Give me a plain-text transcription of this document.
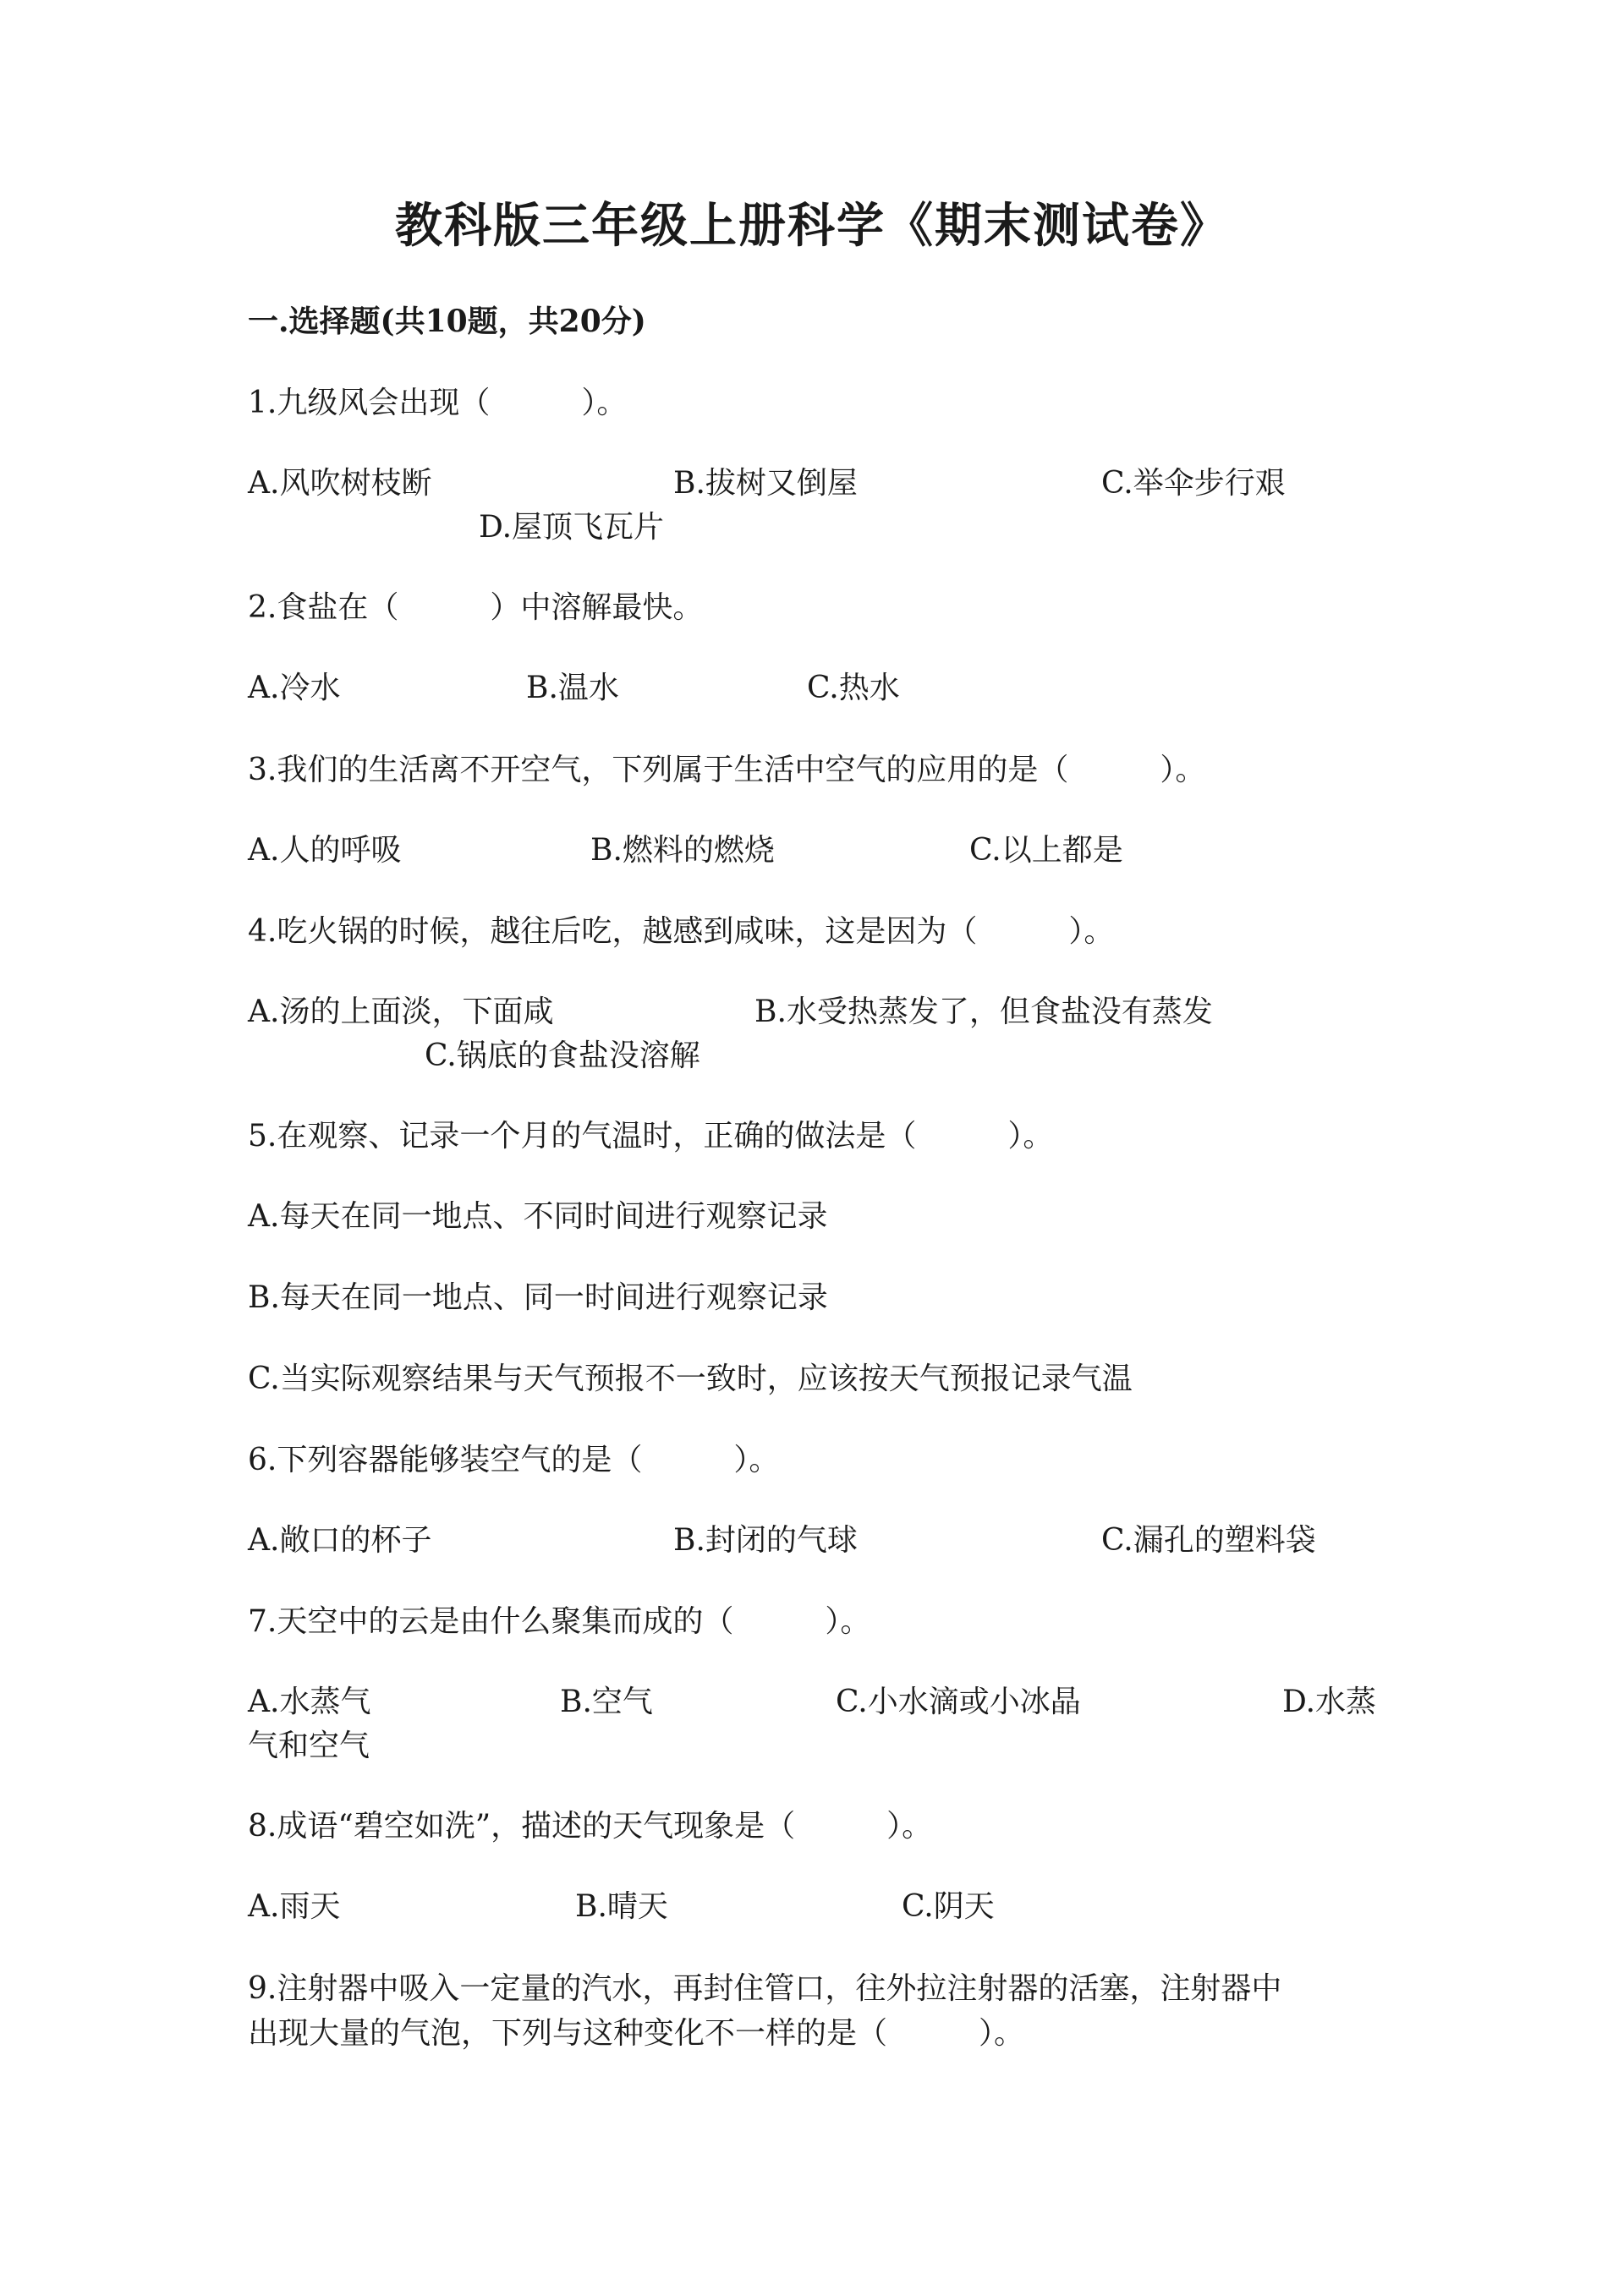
教科版三年级上册科学《期末测试卷》
一.选择题(共10题，共20分)
1.九级风会出现（　　　）。
A.风吹树枝断	B.拔树又倒屋	C.举伞步行艰
D.屋顶飞瓦片
2.食盐在（　　　）中溶解最快。
A.冷水	B.温水	C.热水
3.我们的生活离不开空气，下列属于生活中空气的应用的是（　　　）。
A.人的呼吸	B.燃料的燃烧	C.以上都是
4.吃火锅的时候，越往后吃，越感到咸味，这是因为（　　　）。
A.汤的上面淡，下面咸	B.水受热蒸发了，但食盐没有蒸发
C.锅底的食盐没溶解
5.在观察、记录一个月的气温时，正确的做法是（　　　）。
A.每天在同一地点、不同时间进行观察记录
B.每天在同一地点、同一时间进行观察记录
C.当实际观察结果与天气预报不一致时，应该按天气预报记录气温
6.下列容器能够装空气的是（　　　）。
A.敞口的杯子	B.封闭的气球	C.漏孔的塑料袋
7.天空中的云是由什么聚集而成的（　　　）。
A.水蒸气	B.空气	C.小水滴或小冰晶	D.水蒸
气和空气
8.成语“碧空如洗”，描述的天气现象是（　　　）。
A.雨天	B.晴天	C.阴天
9.注射器中吸入一定量的汽水，再封住管口，往外拉注射器的活塞，注射器中
出现大量的气泡，下列与这种变化不一样的是（　　　）。
